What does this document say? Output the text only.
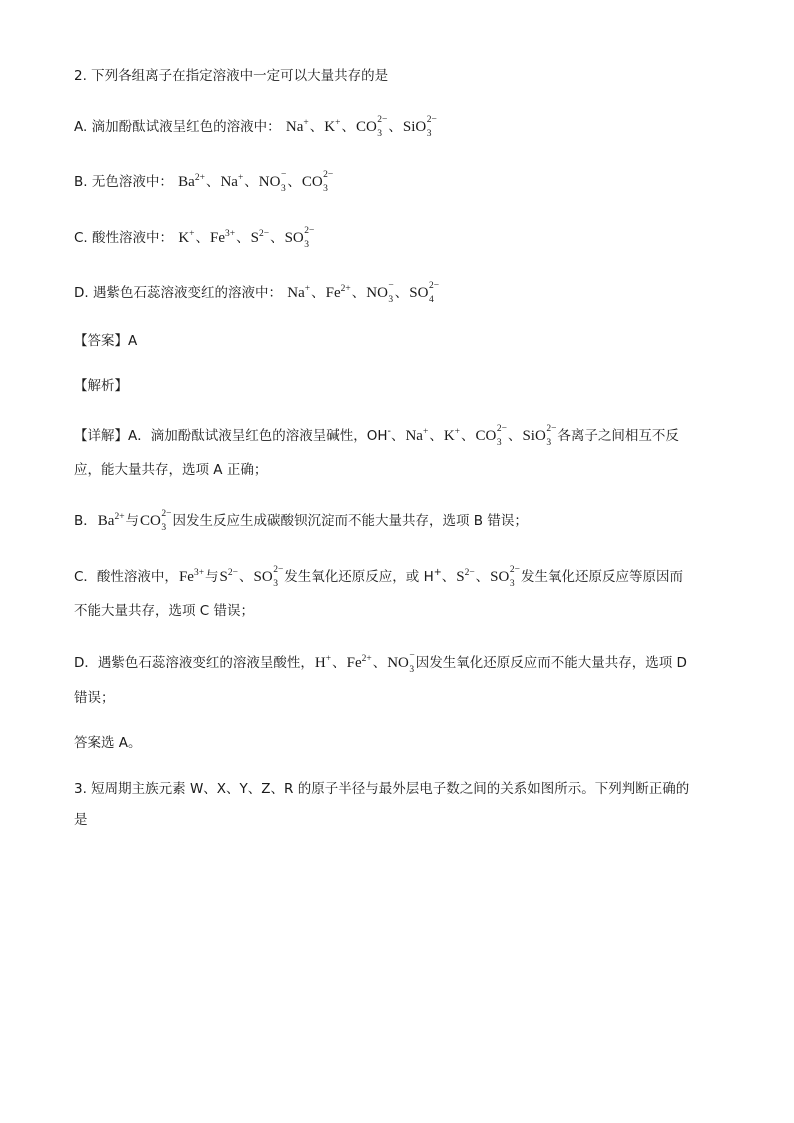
2. 下列各组离子在指定溶液中一定可以大量共存的是
A. 滴加酚酞试液呈红色的溶液中： Na+、K+、CO 2−
3 、SiO 2−
3
B. 无色溶液中： $Ba^{2+}$、Na+、NO −
3 、CO 2−
3
C. 酸性溶液中： K+、$Fe^{3+}$、$S^{2-}$、SO 2−
3
D. 遇紫色石蕊溶液变红的溶液中： Na+、$Fe^{2+}$、NO −
3 、SO 2−
4
【答案】A
【解析】
【详解】A．滴加酚酞试液呈红色的溶液呈碱性，OH-、Na+、K+、CO 2−
3 、SiO 2−
3 各离子之间相互不反
应，能大量共存，选项 A 正确；
B．$Ba^{2+}$与CO 2−
3 因发生反应生成碳酸钡沉淀而不能大量共存，选项 B 错误；
C．酸性溶液中，$Fe^{3+}$与$S^{2-}$、SO 2−
3 发生氧化还原反应，或 H+、$S^{2-}$、SO 2−
3 发生氧化还原反应等原因而
不能大量共存，选项 C 错误；
D．遇紫色石蕊溶液变红的溶液呈酸性，H+、$Fe^{2+}$、NO −
3 因发生氧化还原反应而不能大量共存，选项 D
错误；
答案选 A。
3. 短周期主族元素 W、X、Y、Z、R 的原子半径与最外层电子数之间的关系如图所示。下列判断正确的
是
